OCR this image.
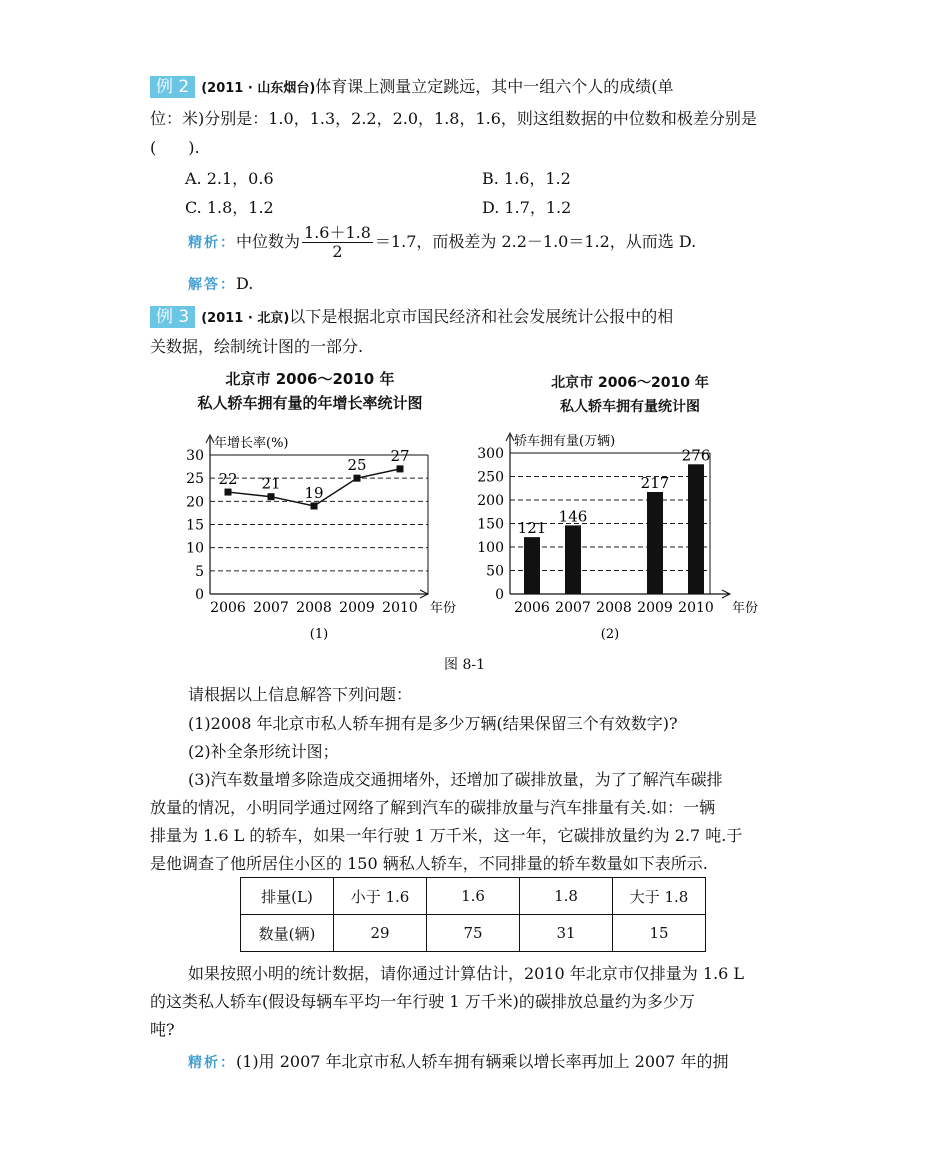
例 2 (2011 · 山东烟台)体育课上测量立定跳远，其中一组六个人的成绩(单
位：米)分别是：1.0，1.3，2.2，2.0，1.8，1.6，则这组数据的中位数和极差分别是
(　　).
A. 2.1，0.6	B. 1.6，1.2
C. 1.8，1.2	D. 1.7，1.2
精析：中位数为 $\frac{1.6+1.8}{2} =1.7$，而极差为 2.2－1.0＝1.2，从而选 D.
解答：D.
例 3 (2011 · 北京)以下是根据北京市国民经济和社会发展统计公报中的相
关数据，绘制统计图的一部分.
北京市 2006～2010 年
私人轿车拥有量的年增长率统计图
北京市 2006～2010 年
私人轿车拥有量统计图
0
5
10
15
20
25
30
年增长率(%)
年份
2006 2007 2008 2009 2010
(1)
22 21
19
25
27
0
50
100
150
200
250
300
轿车拥有量(万辆)
年份
2006 2007 2008 2009 2010
(2)
121
146
217
276
图 8-1
请根据以上信息解答下列问题：
(1)2008 年北京市私人轿车拥有是多少万辆(结果保留三个有效数字)?
(2)补全条形统计图；
(3)汽车数量增多除造成交通拥堵外，还增加了碳排放量，为了了解汽车碳排
放量的情况，小明同学通过网络了解到汽车的碳排放量与汽车排量有关.如：一辆
排量为 1.6 L 的轿车，如果一年行驶 1 万千米，这一年，它碳排放量约为 2.7 吨.于
是他调查了他所居住小区的 150 辆私人轿车，不同排量的轿车数量如下表所示.
排量(L)	小于 1.6	1.6	1.8	大于 1.8
数量(辆)	29	75	31	15
如果按照小明的统计数据，请你通过计算估计，2010 年北京市仅排量为 1.6 L
的这类私人轿车(假设每辆车平均一年行驶 1 万千米)的碳排放总量约为多少万
吨?
精析：(1)用 2007 年北京市私人轿车拥有辆乘以增长率再加上 2007 年的拥
